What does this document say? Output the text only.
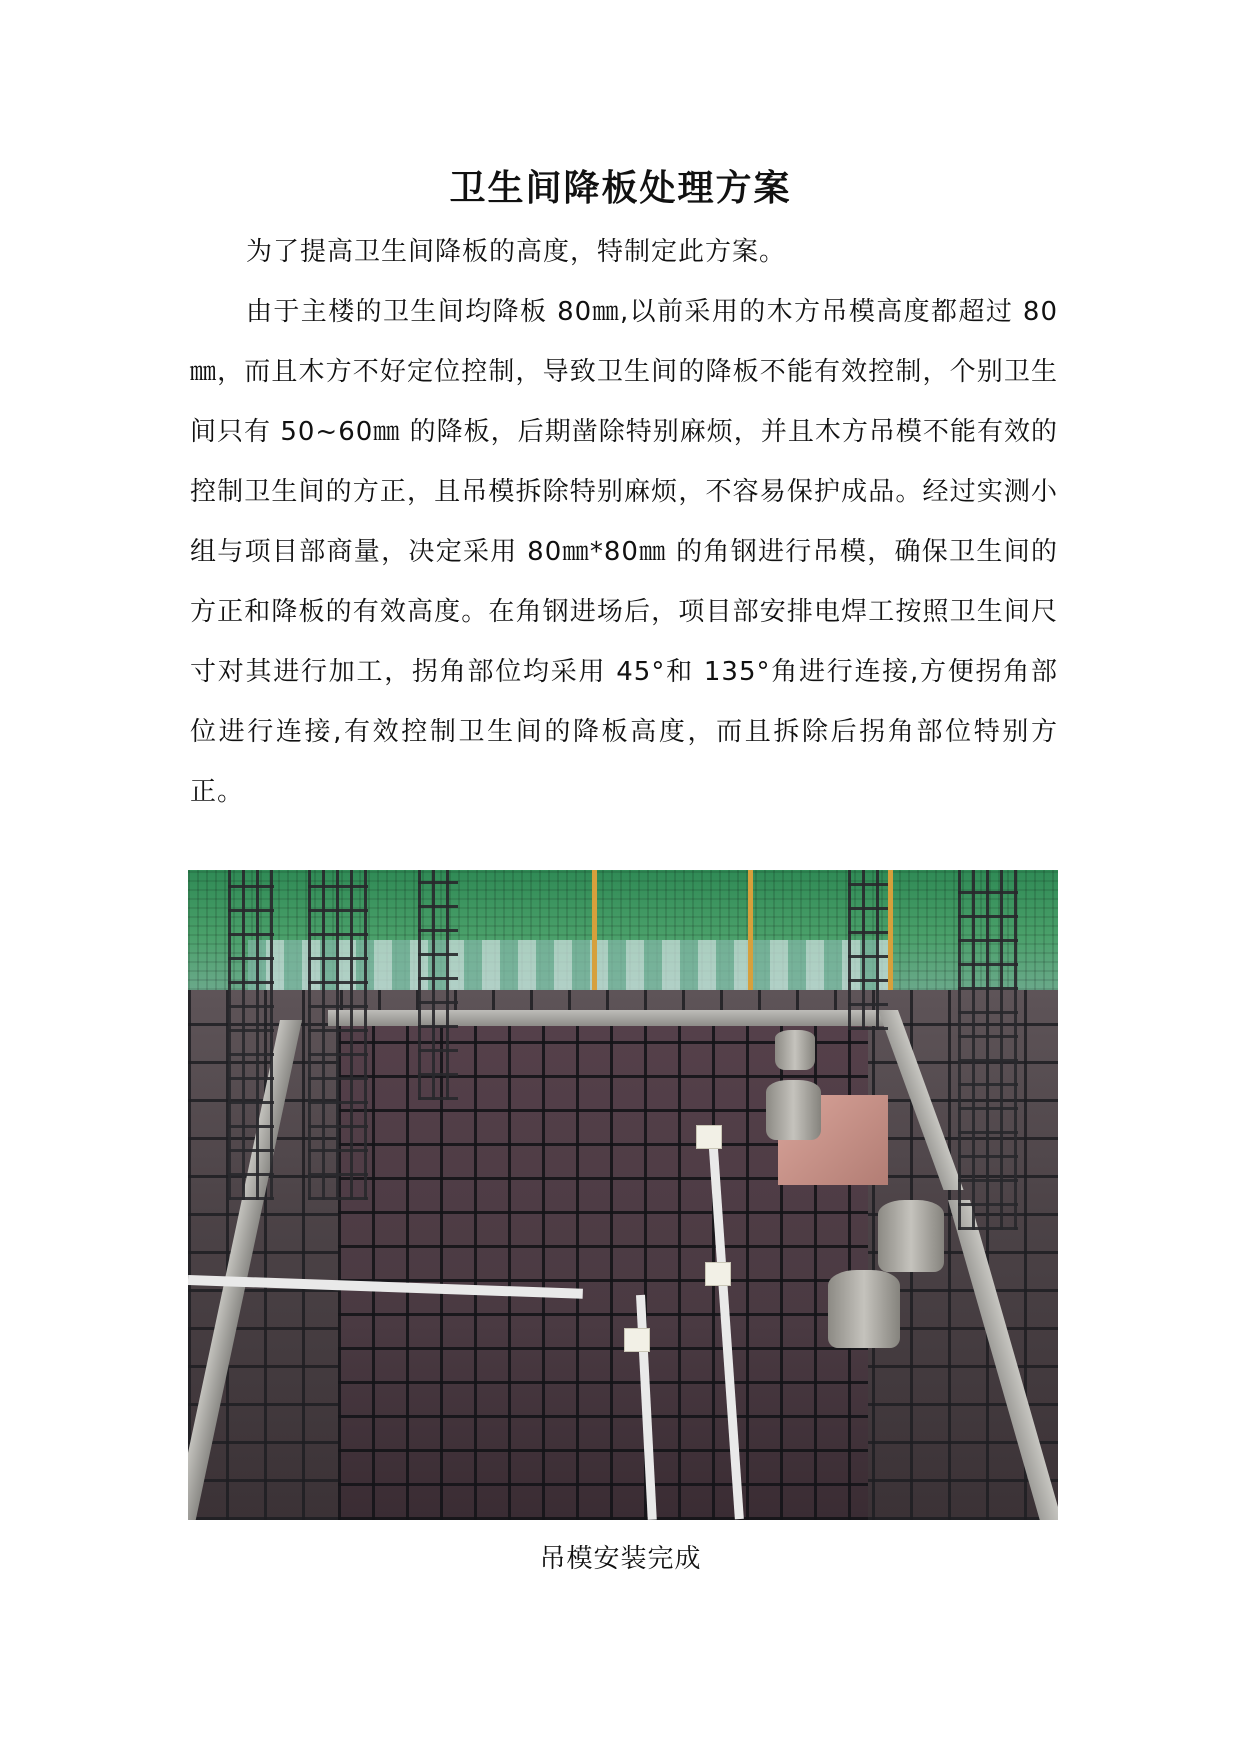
卫生间降板处理方案

为了提高卫生间降板的高度，特制定此方案。

由于主楼的卫生间均降板 80㎜,以前采用的木方吊模高度都超过 80㎜，而且木方不好定位控制，导致卫生间的降板不能有效控制，个别卫生间只有 50~60㎜ 的降板，后期凿除特别麻烦，并且木方吊模不能有效的控制卫生间的方正，且吊模拆除特别麻烦，不容易保护成品。经过实测小组与项目部商量，决定采用 80㎜*80㎜ 的角钢进行吊模，确保卫生间的方正和降板的有效高度。在角钢进场后，项目部安排电焊工按照卫生间尺寸对其进行加工，拐角部位均采用 45°和 135°角进行连接,方便拐角部位进行连接,有效控制卫生间的降板高度，而且拆除后拐角部位特别方正。

吊模安装完成
